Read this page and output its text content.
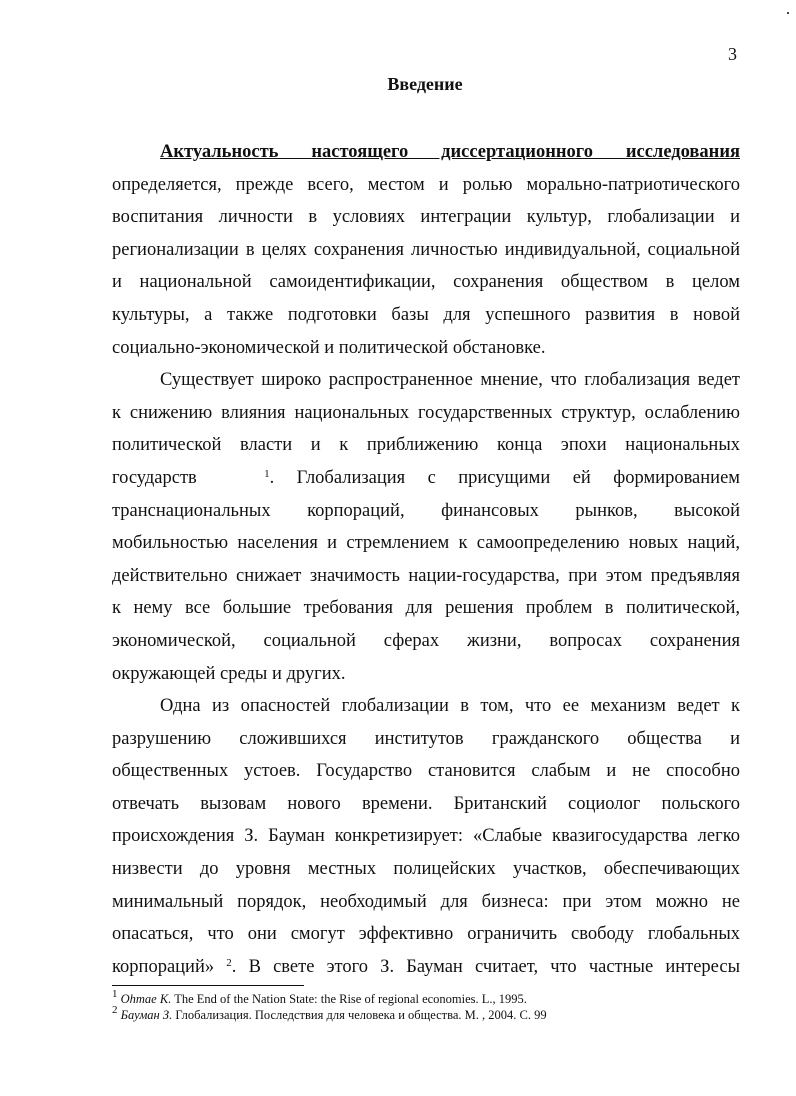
3
Введение
Актуальность настоящего диссертационного исследования
определяется, прежде всего, местом и ролью морально-патриотического
воспитания личности в условиях интеграции культур, глобализации и
регионализации в целях сохранения личностью индивидуальной, социальной
и национальной самоидентификации, сохранения обществом в целом
культуры, а также подготовки базы для успешного развития в новой
социально-экономической и политической обстановке.
Существует широко распространенное мнение, что глобализация ведет
к снижению влияния национальных государственных структур, ослаблению
политической власти и к приближению конца эпохи национальных
государств	$^1$. Глобализация с присущими ей формированием
транснациональных корпораций, финансовых рынков, высокой
мобильностью населения и стремлением к самоопределению новых наций,
действительно снижает значимость нации-государства, при этом предъявляя
к нему все большие требования для решения проблем в политической,
экономической, социальной сферах жизни, вопросах сохранения
окружающей среды и других.
Одна из опасностей глобализации в том, что ее механизм ведет к
разрушению сложившихся институтов гражданского общества и
общественных устоев. Государство становится слабым и не способно
отвечать вызовам нового времени. Британский социолог польского
происхождения З. Бауман конкретизирует: «Слабые квазигосударства легко
низвести до уровня местных полицейских участков, обеспечивающих
минимальный порядок, необходимый для бизнеса: при этом можно не
опасаться, что они смогут эффективно ограничить свободу глобальных
корпораций» $^2$. В свете этого З. Бауман считает, что частные интересы
$^1$ Ohmae K. The End of the Nation State: the Rise of regional economies. L., 1995.
$^2$ Бауман З. Глобализация. Последствия для человека и общества. М. , 2004. С. 99
